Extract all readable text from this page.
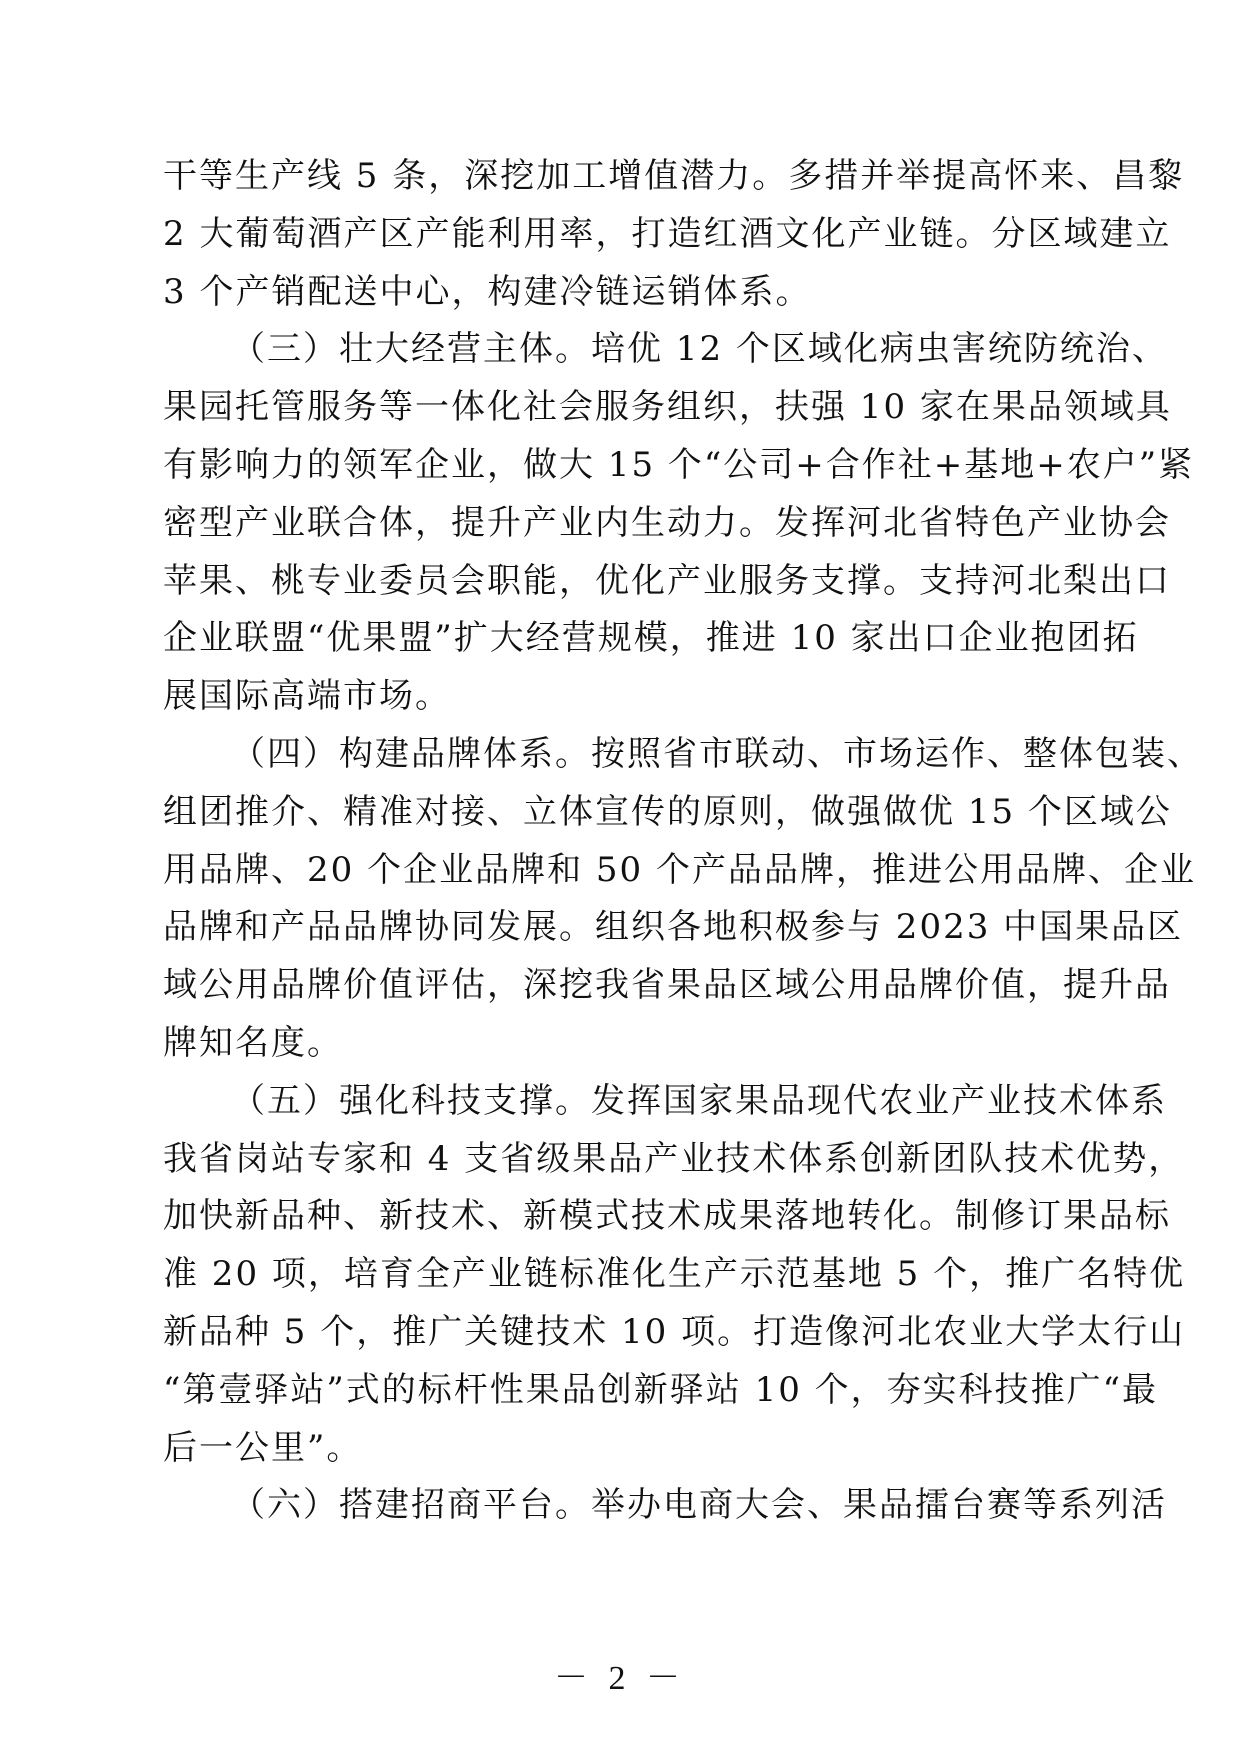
干等生产线 5 条，深挖加工增值潜力。多措并举提高怀来、昌黎
2 大葡萄酒产区产能利用率，打造红酒文化产业链。分区域建立
3 个产销配送中心，构建冷链运销体系。
（三）壮大经营主体。培优 12 个区域化病虫害统防统治、
果园托管服务等一体化社会服务组织，扶强 10 家在果品领域具
有影响力的领军企业，做大 15 个“公司+合作社+基地+农户”紧
密型产业联合体，提升产业内生动力。发挥河北省特色产业协会
苹果、桃专业委员会职能，优化产业服务支撑。支持河北梨出口
企业联盟“优果盟”扩大经营规模，推进 10 家出口企业抱团拓
展国际高端市场。
（四）构建品牌体系。按照省市联动、市场运作、整体包装、
组团推介、精准对接、立体宣传的原则，做强做优 15 个区域公
用品牌、20 个企业品牌和 50 个产品品牌，推进公用品牌、企业
品牌和产品品牌协同发展。组织各地积极参与 2023 中国果品区
域公用品牌价值评估，深挖我省果品区域公用品牌价值，提升品
牌知名度。
（五）强化科技支撑。发挥国家果品现代农业产业技术体系
我省岗站专家和 4 支省级果品产业技术体系创新团队技术优势，
加快新品种、新技术、新模式技术成果落地转化。制修订果品标
准 20 项，培育全产业链标准化生产示范基地 5 个，推广名特优
新品种 5 个，推广关键技术 10 项。打造像河北农业大学太行山
“第壹驿站”式的标杆性果品创新驿站 10 个，夯实科技推广“最
后一公里”。
（六）搭建招商平台。举办电商大会、果品擂台赛等系列活
－ 2 －
